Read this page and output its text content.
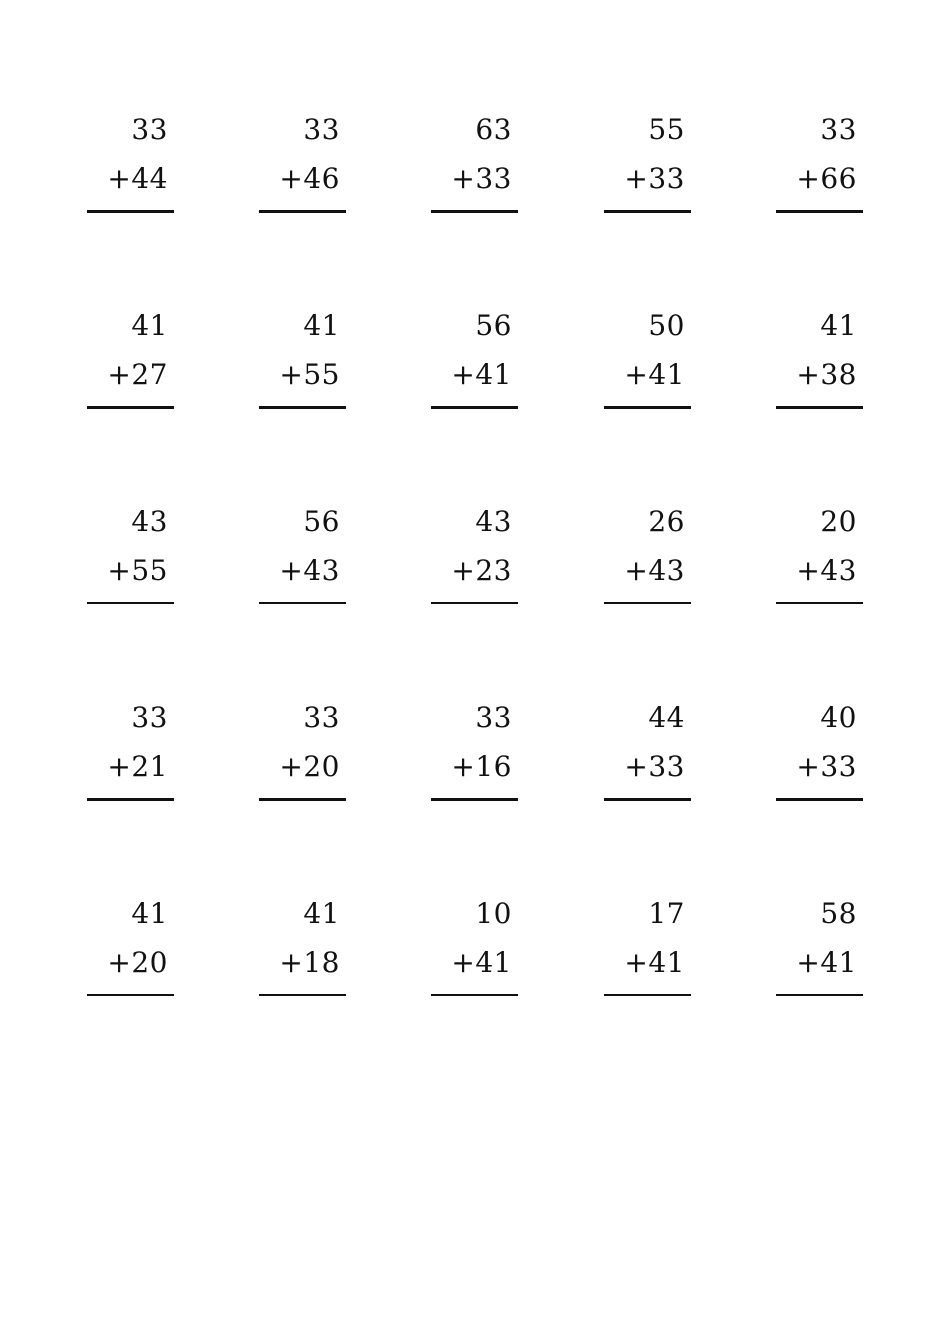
33
+44
33
+46
63
+33
55
+33
33
+66
41
+27
41
+55
56
+41
50
+41
41
+38
43
+55
56
+43
43
+23
26
+43
20
+43
33
+21
33
+20
33
+16
44
+33
40
+33
41
+20
41
+18
10
+41
17
+41
58
+41
